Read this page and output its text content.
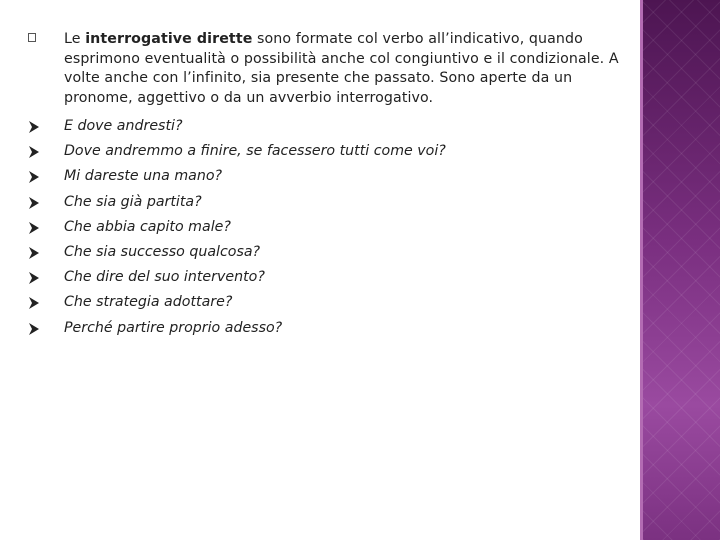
Le interrogative dirette sono formate col verbo all’indicativo, quando esprimono eventualità o possibilità anche col congiuntivo e il condizionale. A volte anche con l’infinito, sia presente che passato. Sono aperte da un pronome, aggettivo o da un avverbio interrogativo.

E dove andresti?
Dove andremmo a finire, se facessero tutti come voi?
Mi dareste una mano?
Che sia già partita?
Che abbia capito male?
Che sia successo qualcosa?
Che dire del suo intervento?
Che strategia adottare?
Perché partire proprio adesso?
